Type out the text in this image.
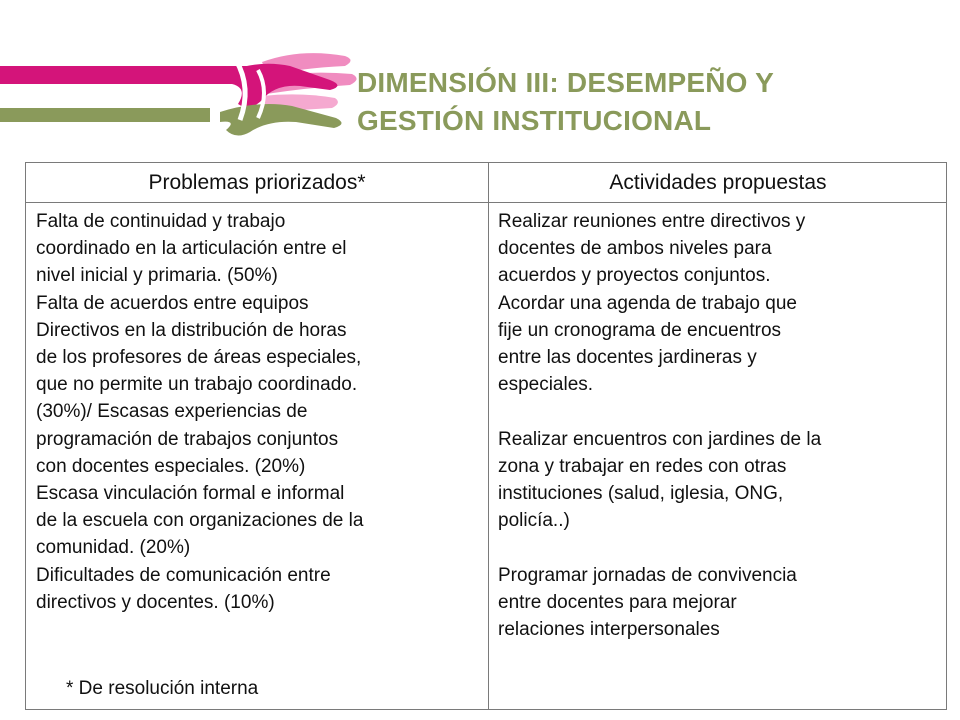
DIMENSIÓN III: DESEMPEÑO Y
GESTIÓN INSTITUCIONAL
Problemas priorizados*	Actividades propuestas
Falta de continuidad y trabajo
coordinado en la articulación entre el
nivel inicial y primaria. (50%)
Falta de acuerdos entre equipos
Directivos en la distribución de horas
de los profesores de áreas especiales,
que no permite un trabajo coordinado.
(30%)/ Escasas experiencias de
programación de trabajos conjuntos
con docentes especiales. (20%)
Escasa vinculación formal e informal
de la escuela con organizaciones de la
comunidad. (20%)
Dificultades de comunicación entre
directivos y docentes. (10%)
* De resolución interna
Realizar reuniones entre directivos y
docentes de ambos niveles para
acuerdos y proyectos conjuntos.
Acordar una agenda de trabajo que
fije un cronograma de encuentros
entre las docentes jardineras y
especiales.
Realizar encuentros con jardines de la
zona y trabajar en redes con otras
instituciones (salud, iglesia, ONG,
policía..)
Programar jornadas de convivencia
entre docentes para mejorar
relaciones interpersonales
